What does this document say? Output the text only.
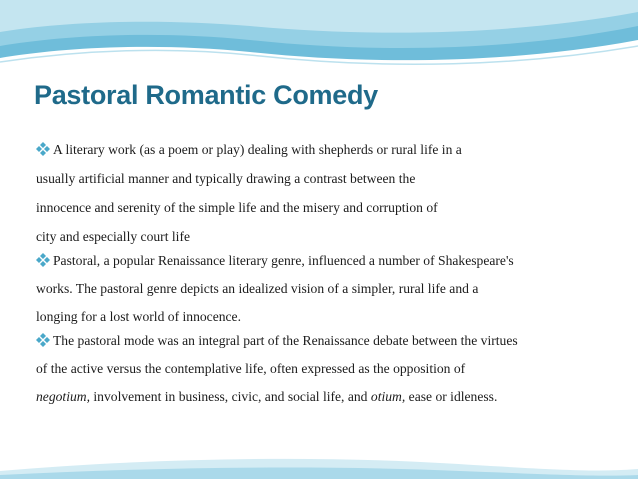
Pastoral Romantic Comedy

A literary work (as a poem or play) dealing with shepherds or rural life in a
usually artificial manner and typically drawing a contrast between the
innocence and serenity of the simple life and the misery and corruption of
city and especially court life

Pastoral, a popular Renaissance literary genre, influenced a number of Shakespeare's
works. The pastoral genre depicts an idealized vision of a simpler, rural life and a
longing for a lost world of innocence.

The pastoral mode was an integral part of the Renaissance debate between the virtues
of the active versus the contemplative life, often expressed as the opposition of
negotium, involvement in business, civic, and social life, and otium, ease or idleness.
